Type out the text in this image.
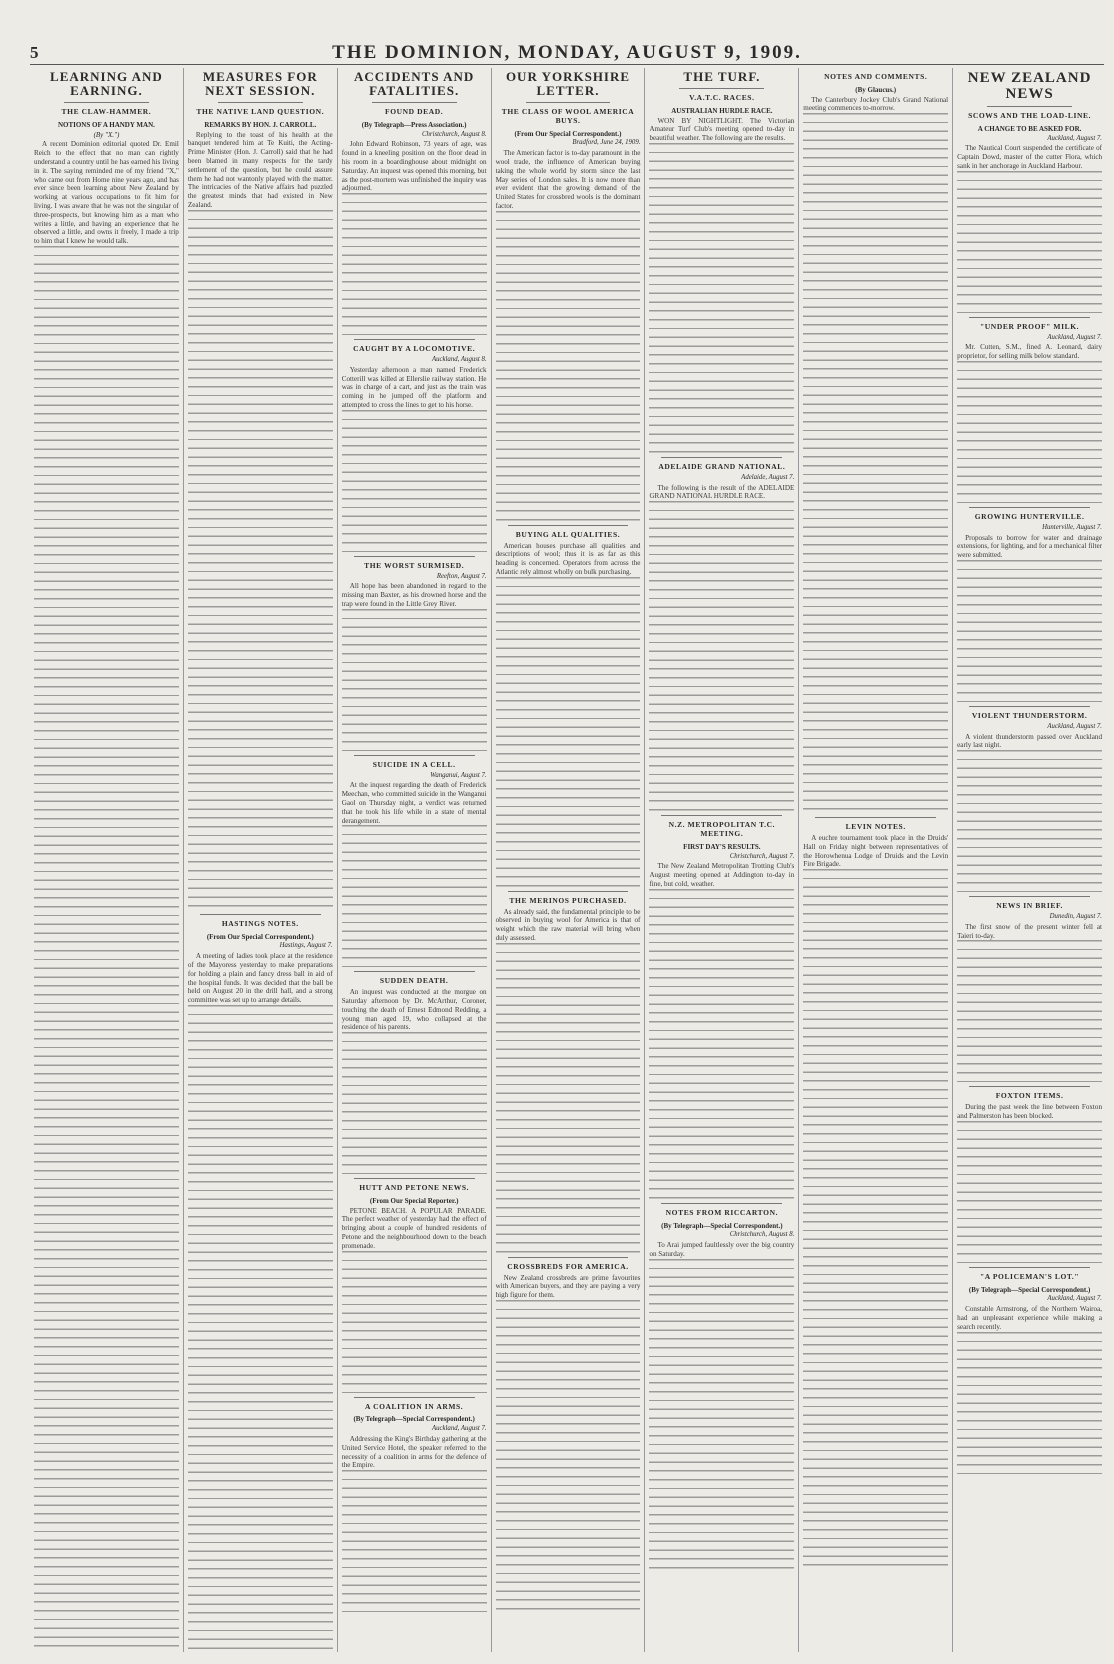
5	THE DOMINION, MONDAY, AUGUST 9, 1909.
LEARNING AND EARNING.
THE CLAW-HAMMER.
NOTIONS OF A HANDY MAN.
(By "X.")

A recent Dominion editorial quoted Dr. Emil Reich to the effect that no man can rightly understand a country until he has earned his living in it. The saying reminded me of my friend "X," who came out from Home nine years ago, and has ever since been learning about New Zealand by working at various occupations to fit him for living. I was aware that he was not the singular of three-prospects, but knowing him as a man who writes a little, and having an experience that he observed a little, and owns it freely, I made a trip to him that I knew he would talk.

MEASURES FOR NEXT SESSION.
THE NATIVE LAND QUESTION.
REMARKS BY HON. J. CARROLL.

Replying to the toast of his health at the banquet tendered him at Te Kuiti, the Acting-Prime Minister (Hon. J. Carroll) said that he had been blamed in many respects for the tardy settlement of the question, but he could assure them he had not wantonly played with the matter. The intricacies of the Native affairs had puzzled the greatest minds that had existed in New Zealand.

HASTINGS NOTES.
(From Our Special Correspondent.)
Hastings, August 7.

A meeting of ladies took place at the residence of the Mayoress yesterday to make preparations for holding a plain and fancy dress ball in aid of the hospital funds. It was decided that the ball be held on August 20 in the drill hall, and a strong committee was set up to arrange details.

ACCIDENTS AND FATALITIES.
FOUND DEAD.
(By Telegraph—Press Association.)
Christchurch, August 8.

John Edward Robinson, 73 years of age, was found in a kneeling position on the floor dead in his room in a boardinghouse about midnight on Saturday. An inquest was opened this morning, but as the post-mortem was unfinished the inquiry was adjourned.

CAUGHT BY A LOCOMOTIVE.
Auckland, August 8.

Yesterday afternoon a man named Frederick Cotterill was killed at Ellerslie railway station. He was in charge of a cart, and just as the train was coming in he jumped off the platform and attempted to cross the lines to get to his horse.

THE WORST SURMISED.
Reefton, August 7.

All hope has been abandoned in regard to the missing man Baxter, as his drowned horse and the trap were found in the Little Grey River.

SUICIDE IN A CELL.
Wanganui, August 7.

At the inquest regarding the death of Frederick Meechan, who committed suicide in the Wanganui Gaol on Thursday night, a verdict was returned that he took his life while in a state of mental derangement.

SUDDEN DEATH.

An inquest was conducted at the morgue on Saturday afternoon by Dr. McArthur, Coroner, touching the death of Ernest Edmond Redding, a young man aged 19, who collapsed at the residence of his parents.

HUTT AND PETONE NEWS.
(From Our Special Reporter.)

PETONE BEACH. A POPULAR PARADE. The perfect weather of yesterday had the effect of bringing about a couple of hundred residents of Petone and the neighbourhood down to the beach promenade.

A COALITION IN ARMS.
(By Telegraph—Special Correspondent.)
Auckland, August 7.

Addressing the King's Birthday gathering at the United Service Hotel, the speaker referred to the necessity of a coalition in arms for the defence of the Empire.

OUR YORKSHIRE LETTER.
THE CLASS OF WOOL AMERICA BUYS.
(From Our Special Correspondent.)
Bradford, June 24, 1909.

The American factor is to-day paramount in the wool trade, the influence of American buying taking the whole world by storm since the last May series of London sales. It is now more than ever evident that the growing demand of the United States for crossbred wools is the dominant factor.

BUYING ALL QUALITIES.

American houses purchase all qualities and descriptions of wool; thus it is as far as this heading is concerned. Operators from across the Atlantic rely almost wholly on bulk purchasing.

THE MERINOS PURCHASED.

As already said, the fundamental principle to be observed in buying wool for America is that of weight which the raw material will bring when duly assessed.

CROSSBREDS FOR AMERICA.

New Zealand crossbreds are prime favourites with American buyers, and they are paying a very high figure for them.

THE TURF.
V.A.T.C. RACES.
AUSTRALIAN HURDLE RACE.

WON BY NIGHTLIGHT. The Victorian Amateur Turf Club's meeting opened to-day in beautiful weather. The following are the results.

ADELAIDE GRAND NATIONAL.
Adelaide, August 7.

The following is the result of the ADELAIDE GRAND NATIONAL HURDLE RACE.

N.Z. METROPOLITAN T.C. MEETING.
FIRST DAY'S RESULTS.
Christchurch, August 7.

The New Zealand Metropolitan Trotting Club's August meeting opened at Addington to-day in fine, but cold, weather.

NOTES FROM RICCARTON.
(By Telegraph—Special Correspondent.)
Christchurch, August 8.

To Arai jumped faultlessly over the big country on Saturday.

NOTES AND COMMENTS.
(By Glaucus.)

The Canterbury Jockey Club's Grand National meeting commences to-morrow.

LEVIN NOTES.

A euchre tournament took place in the Druids' Hall on Friday night between representatives of the Horowhenua Lodge of Druids and the Levin Fire Brigade.

NEW ZEALAND NEWS
SCOWS AND THE LOAD-LINE.
A CHANGE TO BE ASKED FOR.
Auckland, August 7.

The Nautical Court suspended the certificate of Captain Dowd, master of the cutter Flora, which sank in her anchorage in Auckland Harbour.

"UNDER PROOF" MILK.
Auckland, August 7.

Mr. Cutten, S.M., fined A. Leonard, dairy proprietor, for selling milk below standard.

GROWING HUNTERVILLE.
Hunterville, August 7.

Proposals to borrow for water and drainage extensions, for lighting, and for a mechanical filter were submitted.

VIOLENT THUNDERSTORM.
Auckland, August 7.

A violent thunderstorm passed over Auckland early last night.

NEWS IN BRIEF.
Dunedin, August 7.

The first snow of the present winter fell at Taieri to-day.

FOXTON ITEMS.

During the past week the line between Foxton and Palmerston has been blocked.

"A POLICEMAN'S LOT."
(By Telegraph—Special Correspondent.)
Auckland, August 7.

Constable Armstrong, of the Northern Wairoa, had an unpleasant experience while making a search recently.
